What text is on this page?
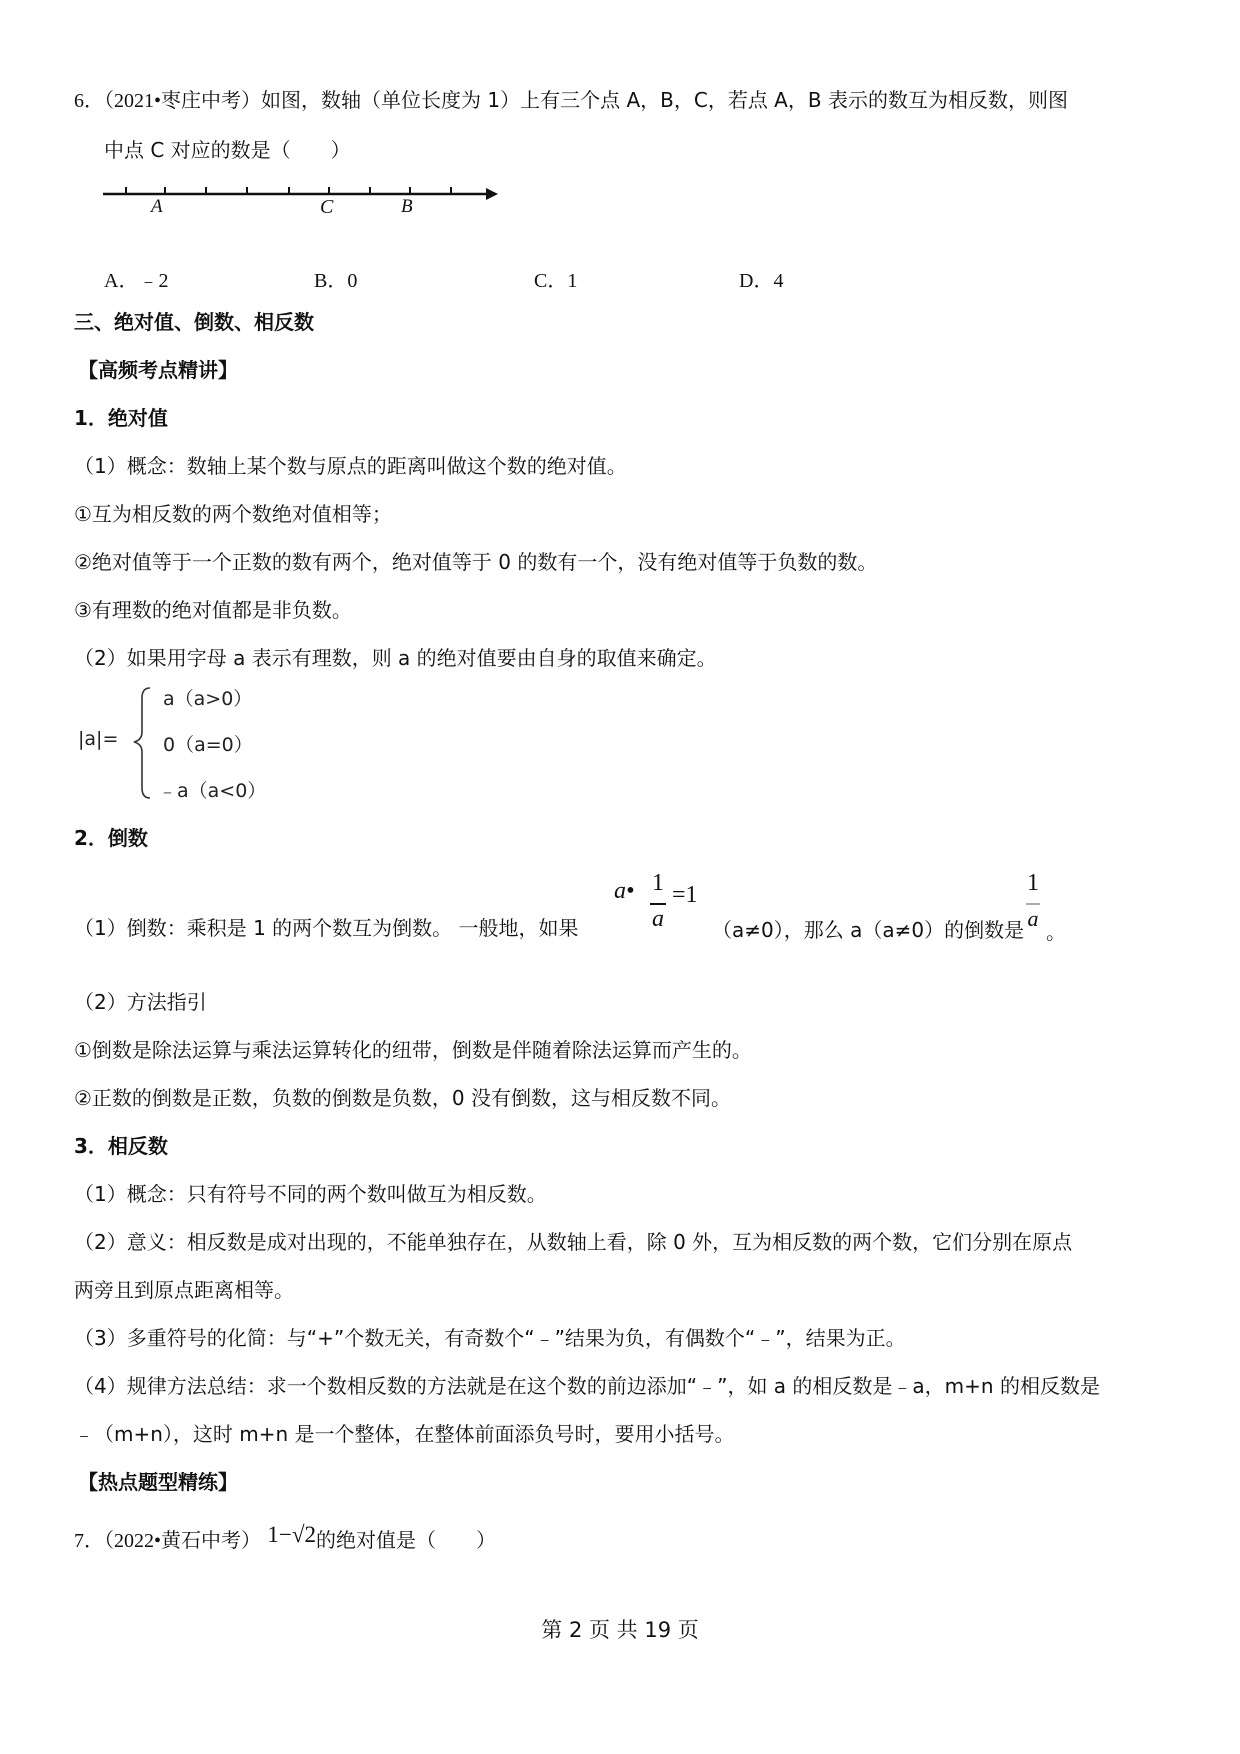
6．（2021•枣庄中考）如图，数轴（单位长度为 1）上有三个点 A，B，C，若点 A，B 表示的数互为相反数，则图
中点 C 对应的数是（　　）
A	C	B
A．﹣2	B．0	C．1	D．4
三、绝对值、倒数、相反数
【高频考点精讲】
1．绝对值
（1）概念：数轴上某个数与原点的距离叫做这个数的绝对值。
①互为相反数的两个数绝对值相等；
②绝对值等于一个正数的数有两个，绝对值等于 0 的数有一个，没有绝对值等于负数的数。
③有理数的绝对值都是非负数。
（2）如果用字母 a 表示有理数，则 a 的绝对值要由自身的取值来确定。
|a|=
a（a>0）
0（a=0）
﹣a（a<0）
2．倒数
（1）倒数：乘积是 1 的两个数互为倒数。 一般地，如果
a• 1
a
=1
（a≠0），那么 a（a≠0）的倒数是
1
a
。
（2）方法指引
①倒数是除法运算与乘法运算转化的纽带，倒数是伴随着除法运算而产生的。
②正数的倒数是正数，负数的倒数是负数，0 没有倒数，这与相反数不同。
3．相反数
（1）概念：只有符号不同的两个数叫做互为相反数。
（2）意义：相反数是成对出现的，不能单独存在，从数轴上看，除 0 外，互为相反数的两个数，它们分别在原点
两旁且到原点距离相等。
（3）多重符号的化简：与“+”个数无关，有奇数个“﹣”结果为负，有偶数个“﹣”，结果为正。
（4）规律方法总结：求一个数相反数的方法就是在这个数的前边添加“﹣”，如 a 的相反数是﹣a，m+n 的相反数是
﹣（m+n），这时 m+n 是一个整体，在整体前面添负号时，要用小括号。
【热点题型精练】
7．（2022•黄石中考） 1−√2的绝对值是（　　）
第 2 页 共 19 页
